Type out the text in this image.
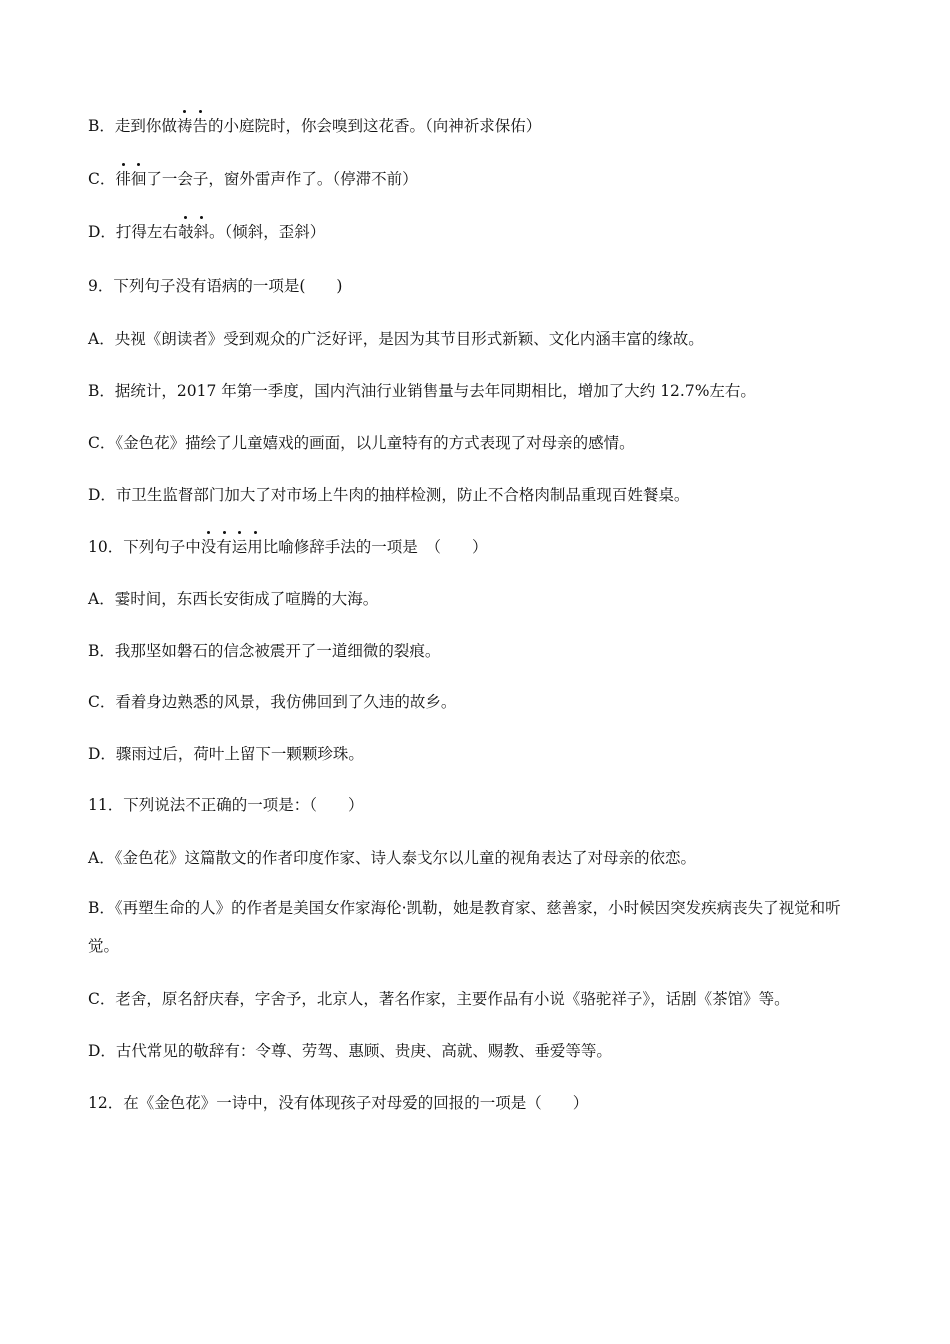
B．走到你做祷告的小庭院时，你会嗅到这花香。（向神祈求保佑）
C．徘徊了一会子，窗外雷声作了。（停滞不前）
D．打得左右攲斜。（倾斜，歪斜）
9．下列句子没有语病的一项是(　　)
A．央视《朗读者》受到观众的广泛好评，是因为其节目形式新颖、文化内涵丰富的缘故。
B．据统计，2017 年第一季度，国内汽油行业销售量与去年同期相比，增加了大约 12.7%左右。
C．《金色花》描绘了儿童嬉戏的画面，以儿童特有的方式表现了对母亲的感情。
D．市卫生监督部门加大了对市场上牛肉的抽样检测，防止不合格肉制品重现百姓餐桌。
10．下列句子中没有运用比喻修辞手法的一项是　（　　）
A．霎时间，东西长安街成了喧腾的大海。
B．我那坚如磐石的信念被震开了一道细微的裂痕。
C．看着身边熟悉的风景，我仿佛回到了久违的故乡。
D．骤雨过后，荷叶上留下一颗颗珍珠。
11．下列说法不正确的一项是：（　　）
A．《金色花》这篇散文的作者印度作家、诗人泰戈尔以儿童的视角表达了对母亲的依恋。
B．《再塑生命的人》的作者是美国女作家海伦·凯勒，她是教育家、慈善家，小时候因突发疾病丧失了视觉和听觉。
C．老舍，原名舒庆春，字舍予，北京人，著名作家，主要作品有小说《骆驼祥子》，话剧《茶馆》等。
D．古代常见的敬辞有：令尊、劳驾、惠顾、贵庚、高就、赐教、垂爱等等。
12．在《金色花》一诗中，没有体现孩子对母爱的回报的一项是（　　）
